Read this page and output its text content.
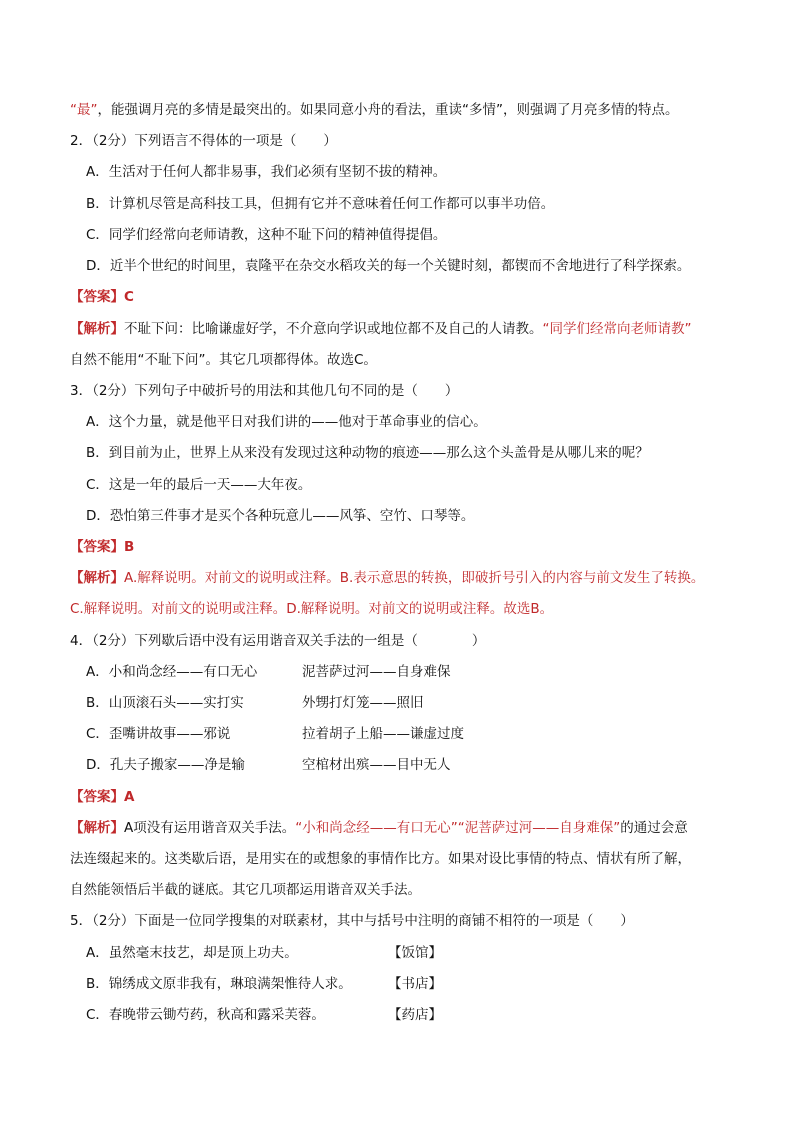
“最”，能强调月亮的多情是最突出的。如果同意小舟的看法，重读“多情”，则强调了月亮多情的特点。
2．（2分）下列语言不得体的一项是（　　）
A．生活对于任何人都非易事，我们必须有坚韧不拔的精神。
B．计算机尽管是高科技工具，但拥有它并不意味着任何工作都可以事半功倍。
C．同学们经常向老师请教，这种不耻下问的精神值得提倡。
D．近半个世纪的时间里，袁隆平在杂交水稻攻关的每一个关键时刻，都锲而不舍地进行了科学探索。
【答案】C
【解析】不耻下问：比喻谦虚好学，不介意向学识或地位都不及自己的人请教。“同学们经常向老师请教”
自然不能用“不耻下问”。其它几项都得体。故选C。
3．（2分）下列句子中破折号的用法和其他几句不同的是（　　）
A．这个力量，就是他平日对我们讲的——他对于革命事业的信心。
B．到目前为止，世界上从来没有发现过这种动物的痕迹——那么这个头盖骨是从哪儿来的呢？
C．这是一年的最后一天——大年夜。
D．恐怕第三件事才是买个各种玩意儿——风筝、空竹、口琴等。
【答案】B
【解析】A.解释说明。对前文的说明或注释。B.表示意思的转换，即破折号引入的内容与前文发生了转换。
C.解释说明。对前文的说明或注释。D.解释说明。对前文的说明或注释。故选B。
4．（2分）下列歇后语中没有运用谐音双关手法的一组是（　　　　）
A．小和尚念经——有口无心	泥菩萨过河——自身难保
B．山顶滚石头——实打实	外甥打灯笼——照旧
C．歪嘴讲故事——邪说	拉着胡子上船——谦虚过度
D．孔夫子搬家——净是输	空棺材出殡——目中无人
【答案】A
【解析】A项没有运用谐音双关手法。“小和尚念经——有口无心”“泥菩萨过河——自身难保”的通过会意
法连缀起来的。这类歇后语，是用实在的或想象的事情作比方。如果对设比事情的特点、情状有所了解，
自然能领悟后半截的谜底。其它几项都运用谐音双关手法。
5．（2分）下面是一位同学搜集的对联素材，其中与括号中注明的商铺不相符的一项是（　　）
A．虽然毫末技艺，却是顶上功夫。	【饭馆】
B．锦绣成文原非我有，琳琅满架惟待人求。	【书店】
C．春晚带云锄芍药，秋高和露采芙蓉。	【药店】
